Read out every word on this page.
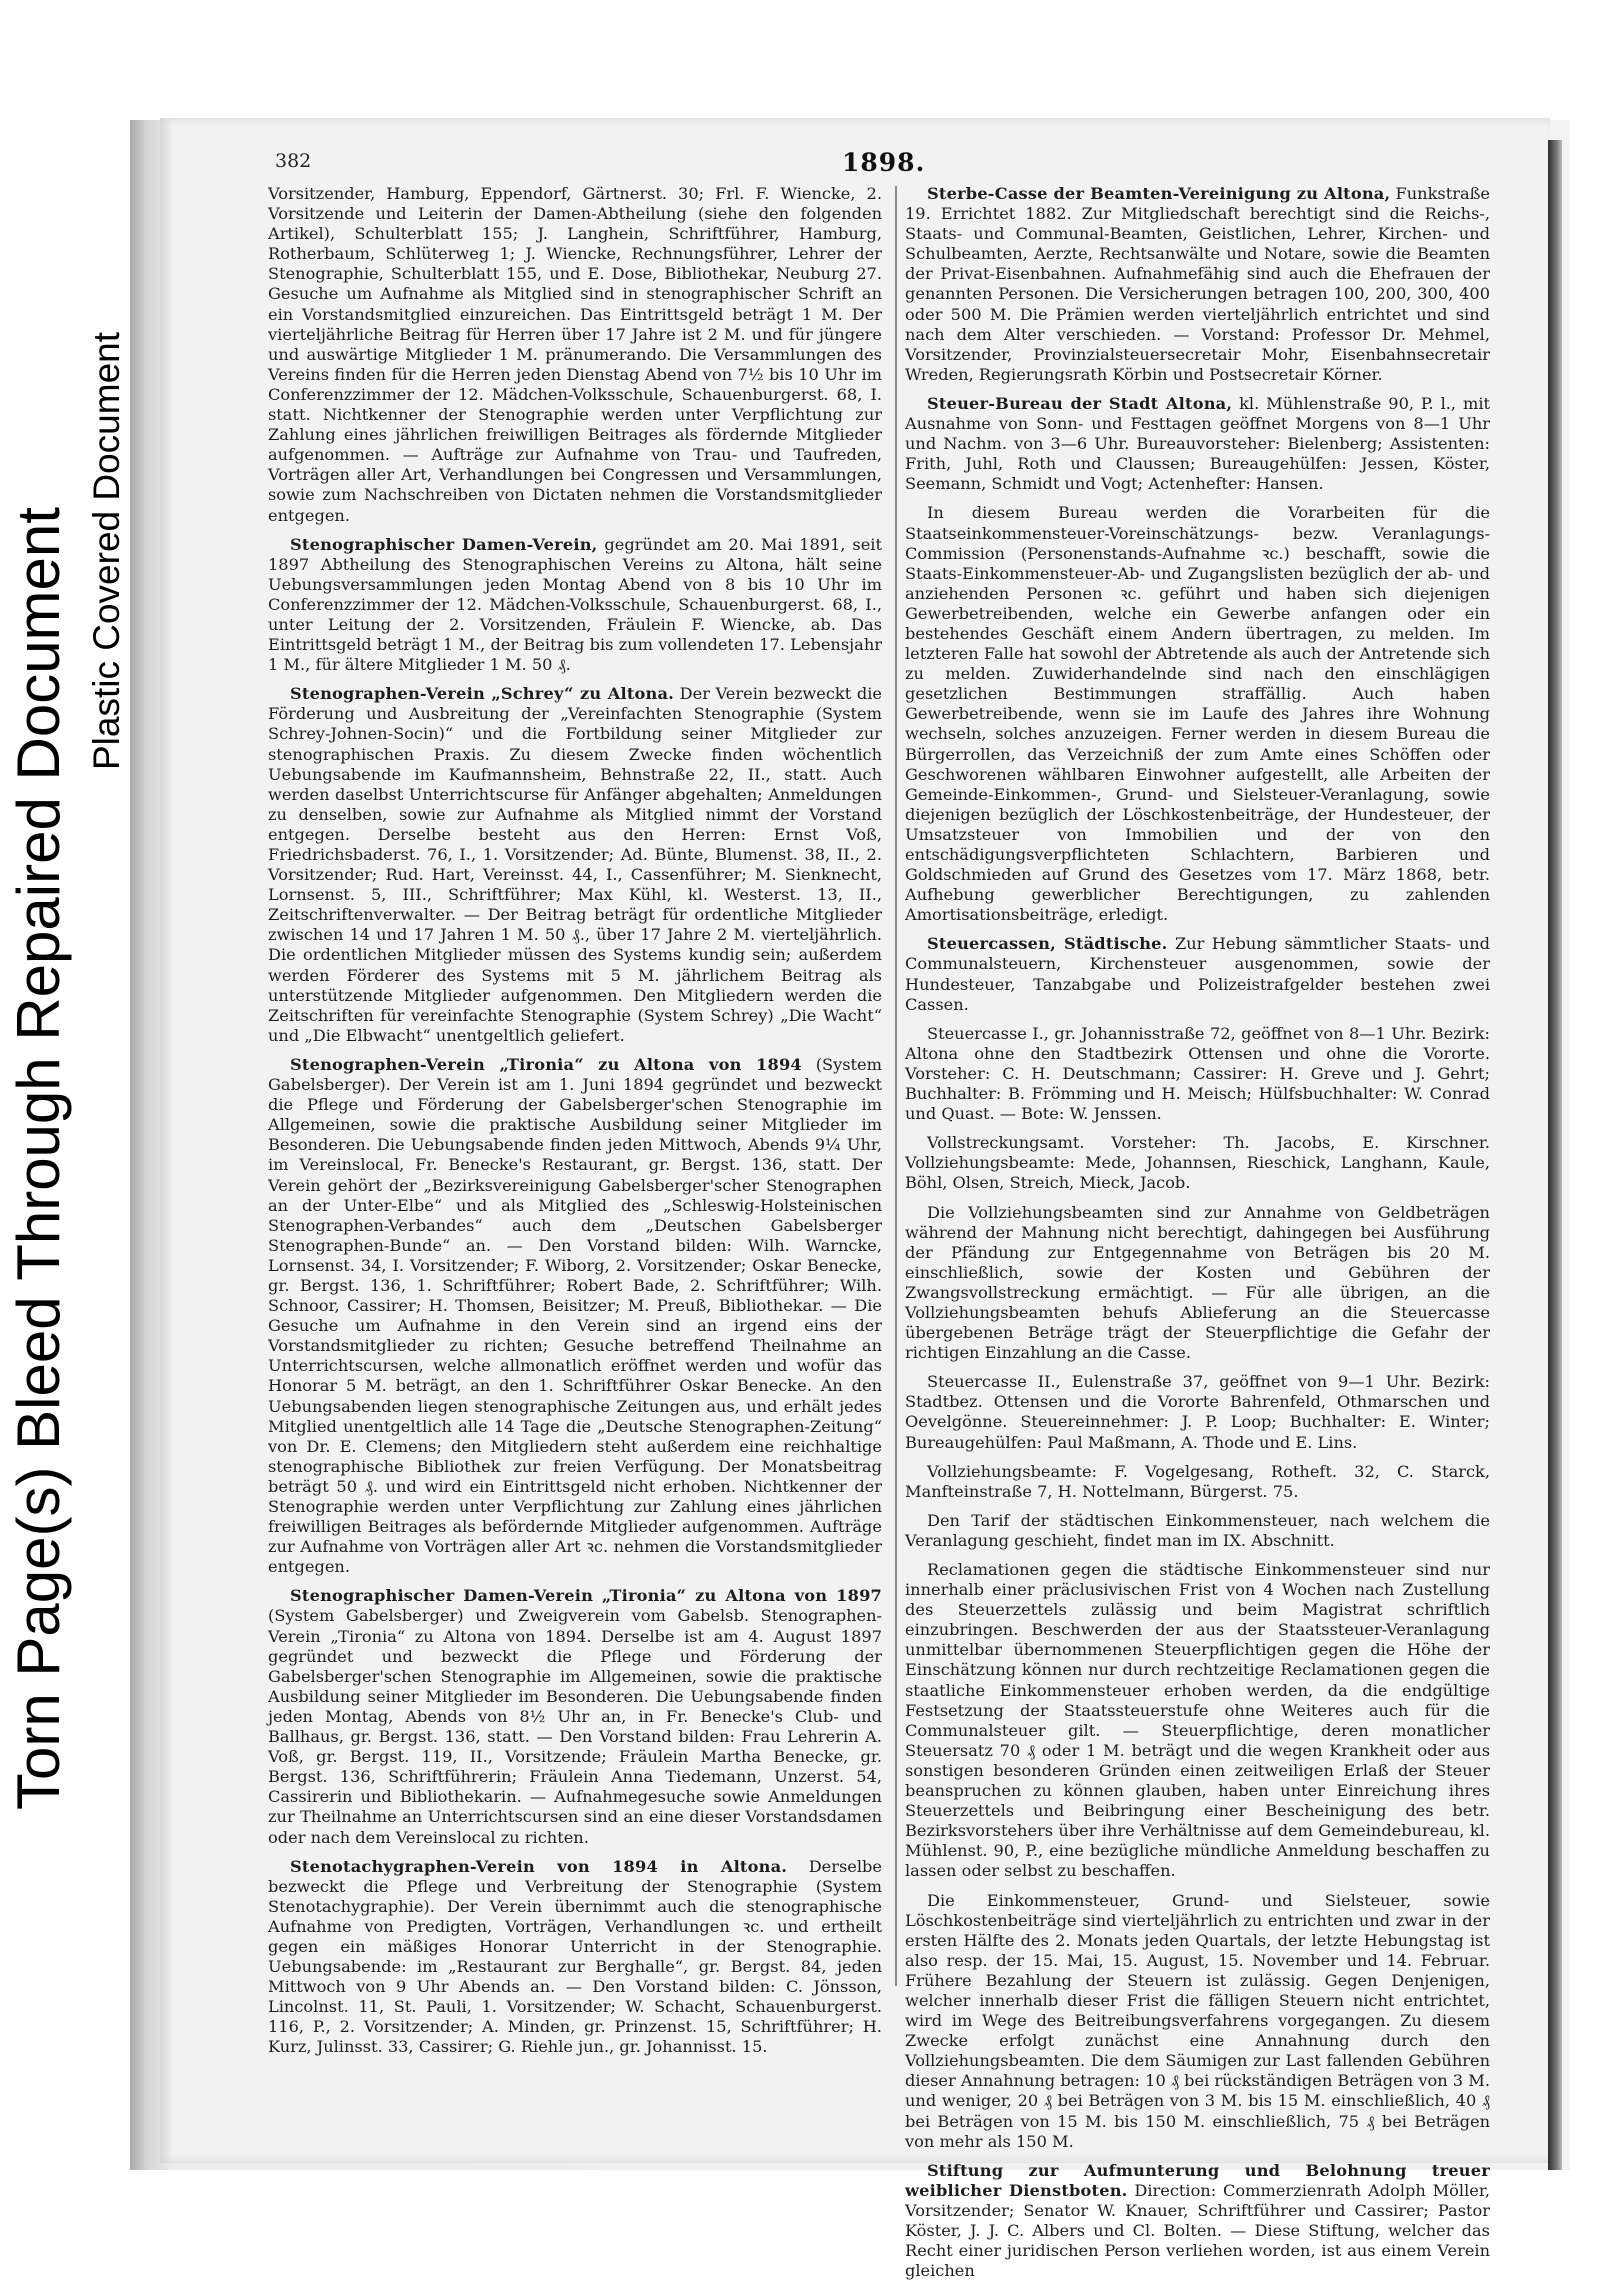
Torn Page(s) Bleed Through Repaired Document Plastic Covered Document
382	1898.

Vorsitzender, Hamburg, Eppendorf, Gärtnerst. 30; Frl. F. Wiencke, 2. Vorsitzende und Leiterin der Damen-Abtheilung (siehe den folgenden Artikel), Schulterblatt 155; J. Langhein, Schriftführer, Hamburg, Rotherbaum, Schlüterweg 1; J. Wiencke, Rechnungsführer, Lehrer der Stenographie, Schulterblatt 155, und E. Dose, Bibliothekar, Neuburg 27. Gesuche um Aufnahme als Mitglied sind in stenographischer Schrift an ein Vorstandsmitglied einzureichen. Das Eintrittsgeld beträgt 1 M. Der vierteljährliche Beitrag für Herren über 17 Jahre ist 2 M. und für jüngere und auswärtige Mitglieder 1 M. pränumerando. Die Versammlungen des Vereins finden für die Herren jeden Dienstag Abend von 7½ bis 10 Uhr im Conferenzzimmer der 12. Mädchen-Volksschule, Schauenburgerst. 68, I. statt. Nichtkenner der Stenographie werden unter Verpflichtung zur Zahlung eines jährlichen freiwilligen Beitrages als fördernde Mitglieder aufgenommen. — Aufträge zur Aufnahme von Trau- und Taufreden, Vorträgen aller Art, Verhandlungen bei Congressen und Versammlungen, sowie zum Nachschreiben von Dictaten nehmen die Vorstandsmitglieder entgegen.

Stenographischer Damen-Verein, gegründet am 20. Mai 1891, seit 1897 Abtheilung des Stenographischen Vereins zu Altona, hält seine Uebungsversammlungen jeden Montag Abend von 8 bis 10 Uhr im Conferenzzimmer der 12. Mädchen-Volksschule, Schauenburgerst. 68, I., unter Leitung der 2. Vorsitzenden, Fräulein F. Wiencke, ab. Das Eintrittsgeld beträgt 1 M., der Beitrag bis zum vollendeten 17. Lebensjahr 1 M., für ältere Mitglieder 1 M. 50 ₰.

Stenographen-Verein „Schrey“ zu Altona. Der Verein bezweckt die Förderung und Ausbreitung der „Vereinfachten Stenographie (System Schrey-Johnen-Socin)“ und die Fortbildung seiner Mitglieder zur stenographischen Praxis. Zu diesem Zwecke finden wöchentlich Uebungsabende im Kaufmannsheim, Behnstraße 22, II., statt. Auch werden daselbst Unterrichtscurse für Anfänger abgehalten; Anmeldungen zu denselben, sowie zur Aufnahme als Mitglied nimmt der Vorstand entgegen. Derselbe besteht aus den Herren: Ernst Voß, Friedrichsbaderst. 76, I., 1. Vorsitzender; Ad. Bünte, Blumenst. 38, II., 2. Vorsitzender; Rud. Hart, Vereinsst. 44, I., Cassenführer; M. Sienknecht, Lornsenst. 5, III., Schriftführer; Max Kühl, kl. Westerst. 13, II., Zeitschriftenverwalter. — Der Beitrag beträgt für ordentliche Mitglieder zwischen 14 und 17 Jahren 1 M. 50 ₰., über 17 Jahre 2 M. vierteljährlich. Die ordentlichen Mitglieder müssen des Systems kundig sein; außerdem werden Förderer des Systems mit 5 M. jährlichem Beitrag als unterstützende Mitglieder aufgenommen. Den Mitgliedern werden die Zeitschriften für vereinfachte Stenographie (System Schrey) „Die Wacht“ und „Die Elbwacht“ unentgeltlich geliefert.

Stenographen-Verein „Tironia“ zu Altona von 1894 (System Gabelsberger). Der Verein ist am 1. Juni 1894 gegründet und bezweckt die Pflege und Förderung der Gabelsberger'schen Stenographie im Allgemeinen, sowie die praktische Ausbildung seiner Mitglieder im Besonderen. Die Uebungsabende finden jeden Mittwoch, Abends 9¼ Uhr, im Vereinslocal, Fr. Benecke's Restaurant, gr. Bergst. 136, statt. Der Verein gehört der „Bezirksvereinigung Gabelsberger'scher Stenographen an der Unter-Elbe“ und als Mitglied des „Schleswig-Holsteinischen Stenographen-Verbandes“ auch dem „Deutschen Gabelsberger Stenographen-Bunde“ an. — Den Vorstand bilden: Wilh. Warncke, Lornsenst. 34, I. Vorsitzender; F. Wiborg, 2. Vorsitzender; Oskar Benecke, gr. Bergst. 136, 1. Schriftführer; Robert Bade, 2. Schriftführer; Wilh. Schnoor, Cassirer; H. Thomsen, Beisitzer; M. Preuß, Bibliothekar. — Die Gesuche um Aufnahme in den Verein sind an irgend eins der Vorstandsmitglieder zu richten; Gesuche betreffend Theilnahme an Unterrichtscursen, welche allmonatlich eröffnet werden und wofür das Honorar 5 M. beträgt, an den 1. Schriftführer Oskar Benecke. An den Uebungsabenden liegen stenographische Zeitungen aus, und erhält jedes Mitglied unentgeltlich alle 14 Tage die „Deutsche Stenographen-Zeitung“ von Dr. E. Clemens; den Mitgliedern steht außerdem eine reichhaltige stenographische Bibliothek zur freien Verfügung. Der Monatsbeitrag beträgt 50 ₰. und wird ein Eintrittsgeld nicht erhoben. Nichtkenner der Stenographie werden unter Verpflichtung zur Zahlung eines jährlichen freiwilligen Beitrages als befördernde Mitglieder aufgenommen. Aufträge zur Aufnahme von Vorträgen aller Art ꝛc. nehmen die Vorstandsmitglieder entgegen.

Stenographischer Damen-Verein „Tironia“ zu Altona von 1897 (System Gabelsberger) und Zweigverein vom Gabelsb. Stenographen-Verein „Tironia“ zu Altona von 1894. Derselbe ist am 4. August 1897 gegründet und bezweckt die Pflege und Förderung der Gabelsberger'schen Stenographie im Allgemeinen, sowie die praktische Ausbildung seiner Mitglieder im Besonderen. Die Uebungsabende finden jeden Montag, Abends von 8½ Uhr an, in Fr. Benecke's Club- und Ballhaus, gr. Bergst. 136, statt. — Den Vorstand bilden: Frau Lehrerin A. Voß, gr. Bergst. 119, II., Vorsitzende; Fräulein Martha Benecke, gr. Bergst. 136, Schriftführerin; Fräulein Anna Tiedemann, Unzerst. 54, Cassirerin und Bibliothekarin. — Aufnahmegesuche sowie Anmeldungen zur Theilnahme an Unterrichtscursen sind an eine dieser Vorstandsdamen oder nach dem Vereinslocal zu richten.

Stenotachygraphen-Verein von 1894 in Altona. Derselbe bezweckt die Pflege und Verbreitung der Stenographie (System Stenotachygraphie). Der Verein übernimmt auch die stenographische Aufnahme von Predigten, Vorträgen, Verhandlungen ꝛc. und ertheilt gegen ein mäßiges Honorar Unterricht in der Stenographie. Uebungsabende: im „Restaurant zur Berghalle“, gr. Bergst. 84, jeden Mittwoch von 9 Uhr Abends an. — Den Vorstand bilden: C. Jönsson, Lincolnst. 11, St. Pauli, 1. Vorsitzender; W. Schacht, Schauenburgerst. 116, P., 2. Vorsitzender; A. Minden, gr. Prinzenst. 15, Schriftführer; H. Kurz, Julinsst. 33, Cassirer; G. Riehle jun., gr. Johannisst. 15.

Sterbe-Casse der Beamten-Vereinigung zu Altona, Funkstraße 19. Errichtet 1882. Zur Mitgliedschaft berechtigt sind die Reichs-, Staats- und Communal-Beamten, Geistlichen, Lehrer, Kirchen- und Schulbeamten, Aerzte, Rechtsanwälte und Notare, sowie die Beamten der Privat-Eisenbahnen. Aufnahmefähig sind auch die Ehefrauen der genannten Personen. Die Versicherungen betragen 100, 200, 300, 400 oder 500 M. Die Prämien werden vierteljährlich entrichtet und sind nach dem Alter verschieden. — Vorstand: Professor Dr. Mehmel, Vorsitzender, Provinzialsteuersecretair Mohr, Eisenbahnsecretair Wreden, Regierungsrath Körbin und Postsecretair Körner.

Steuer-Bureau der Stadt Altona, kl. Mühlenstraße 90, P. l., mit Ausnahme von Sonn- und Festtagen geöffnet Morgens von 8—1 Uhr und Nachm. von 3—6 Uhr. Bureauvorsteher: Bielenberg; Assistenten: Frith, Juhl, Roth und Claussen; Bureaugehülfen: Jessen, Köster, Seemann, Schmidt und Vogt; Actenhefter: Hansen.

In diesem Bureau werden die Vorarbeiten für die Staatseinkommensteuer-Voreinschätzungs- bezw. Veranlagungs-Commission (Personenstands-Aufnahme ꝛc.) beschafft, sowie die Staats-Einkommensteuer-Ab- und Zugangslisten bezüglich der ab- und anziehenden Personen ꝛc. geführt und haben sich diejenigen Gewerbetreibenden, welche ein Gewerbe anfangen oder ein bestehendes Geschäft einem Andern übertragen, zu melden. Im letzteren Falle hat sowohl der Abtretende als auch der Antretende sich zu melden. Zuwiderhandelnde sind nach den einschlägigen gesetzlichen Bestimmungen straffällig. Auch haben Gewerbetreibende, wenn sie im Laufe des Jahres ihre Wohnung wechseln, solches anzuzeigen. Ferner werden in diesem Bureau die Bürgerrollen, das Verzeichniß der zum Amte eines Schöffen oder Geschworenen wählbaren Einwohner aufgestellt, alle Arbeiten der Gemeinde-Einkommen-, Grund- und Sielsteuer-Veranlagung, sowie diejenigen bezüglich der Löschkostenbeiträge, der Hundesteuer, der Umsatzsteuer von Immobilien und der von den entschädigungsverpflichteten Schlachtern, Barbieren und Goldschmieden auf Grund des Gesetzes vom 17. März 1868, betr. Aufhebung gewerblicher Berechtigungen, zu zahlenden Amortisationsbeiträge, erledigt.

Steuercassen, Städtische. Zur Hebung sämmtlicher Staats- und Communalsteuern, Kirchensteuer ausgenommen, sowie der Hundesteuer, Tanzabgabe und Polizeistrafgelder bestehen zwei Cassen.

Steuercasse I., gr. Johannisstraße 72, geöffnet von 8—1 Uhr. Bezirk: Altona ohne den Stadtbezirk Ottensen und ohne die Vororte. Vorsteher: C. H. Deutschmann; Cassirer: H. Greve und J. Gehrt; Buchhalter: B. Frömming und H. Meisch; Hülfsbuchhalter: W. Conrad und Quast. — Bote: W. Jenssen.

Vollstreckungsamt. Vorsteher: Th. Jacobs, E. Kirschner. Vollziehungsbeamte: Mede, Johannsen, Rieschick, Langhann, Kaule, Böhl, Olsen, Streich, Mieck, Jacob.

Die Vollziehungsbeamten sind zur Annahme von Geldbeträgen während der Mahnung nicht berechtigt, dahingegen bei Ausführung der Pfändung zur Entgegennahme von Beträgen bis 20 M. einschließlich, sowie der Kosten und Gebühren der Zwangsvollstreckung ermächtigt. — Für alle übrigen, an die Vollziehungsbeamten behufs Ablieferung an die Steuercasse übergebenen Beträge trägt der Steuerpflichtige die Gefahr der richtigen Einzahlung an die Casse.

Steuercasse II., Eulenstraße 37, geöffnet von 9—1 Uhr. Bezirk: Stadtbez. Ottensen und die Vororte Bahrenfeld, Othmarschen und Oevelgönne. Steuereinnehmer: J. P. Loop; Buchhalter: E. Winter; Bureaugehülfen: Paul Maßmann, A. Thode und E. Lins.

Vollziehungsbeamte: F. Vogelgesang, Rotheft. 32, C. Starck, Manfteinstraße 7, H. Nottelmann, Bürgerst. 75.

Den Tarif der städtischen Einkommensteuer, nach welchem die Veranlagung geschieht, findet man im IX. Abschnitt.

Reclamationen gegen die städtische Einkommensteuer sind nur innerhalb einer präclusivischen Frist von 4 Wochen nach Zustellung des Steuerzettels zulässig und beim Magistrat schriftlich einzubringen. Beschwerden der aus der Staatssteuer-Veranlagung unmittelbar übernommenen Steuerpflichtigen gegen die Höhe der Einschätzung können nur durch rechtzeitige Reclamationen gegen die staatliche Einkommensteuer erhoben werden, da die endgültige Festsetzung der Staatssteuerstufe ohne Weiteres auch für die Communalsteuer gilt. — Steuerpflichtige, deren monatlicher Steuersatz 70 ₰ oder 1 M. beträgt und die wegen Krankheit oder aus sonstigen besonderen Gründen einen zeitweiligen Erlaß der Steuer beanspruchen zu können glauben, haben unter Einreichung ihres Steuerzettels und Beibringung einer Bescheinigung des betr. Bezirksvorstehers über ihre Verhältnisse auf dem Gemeindebureau, kl. Mühlenst. 90, P., eine bezügliche mündliche Anmeldung beschaffen zu lassen oder selbst zu beschaffen.

Die Einkommensteuer, Grund- und Sielsteuer, sowie Löschkostenbeiträge sind vierteljährlich zu entrichten und zwar in der ersten Hälfte des 2. Monats jeden Quartals, der letzte Hebungstag ist also resp. der 15. Mai, 15. August, 15. November und 14. Februar. Frühere Bezahlung der Steuern ist zulässig. Gegen Denjenigen, welcher innerhalb dieser Frist die fälligen Steuern nicht entrichtet, wird im Wege des Beitreibungsverfahrens vorgegangen. Zu diesem Zwecke erfolgt zunächst eine Annahnung durch den Vollziehungsbeamten. Die dem Säumigen zur Last fallenden Gebühren dieser Annahnung betragen: 10 ₰ bei rückständigen Beträgen von 3 M. und weniger, 20 ₰ bei Beträgen von 3 M. bis 15 M. einschließlich, 40 ₰ bei Beträgen von 15 M. bis 150 M. einschließlich, 75 ₰ bei Beträgen von mehr als 150 M.

Stiftung zur Aufmunterung und Belohnung treuer weiblicher Dienstboten. Direction: Commerzienrath Adolph Möller, Vorsitzender; Senator W. Knauer, Schriftführer und Cassirer; Pastor Köster, J. J. C. Albers und Cl. Bolten. — Diese Stiftung, welcher das Recht einer juridischen Person verliehen worden, ist aus einem Verein gleichen
